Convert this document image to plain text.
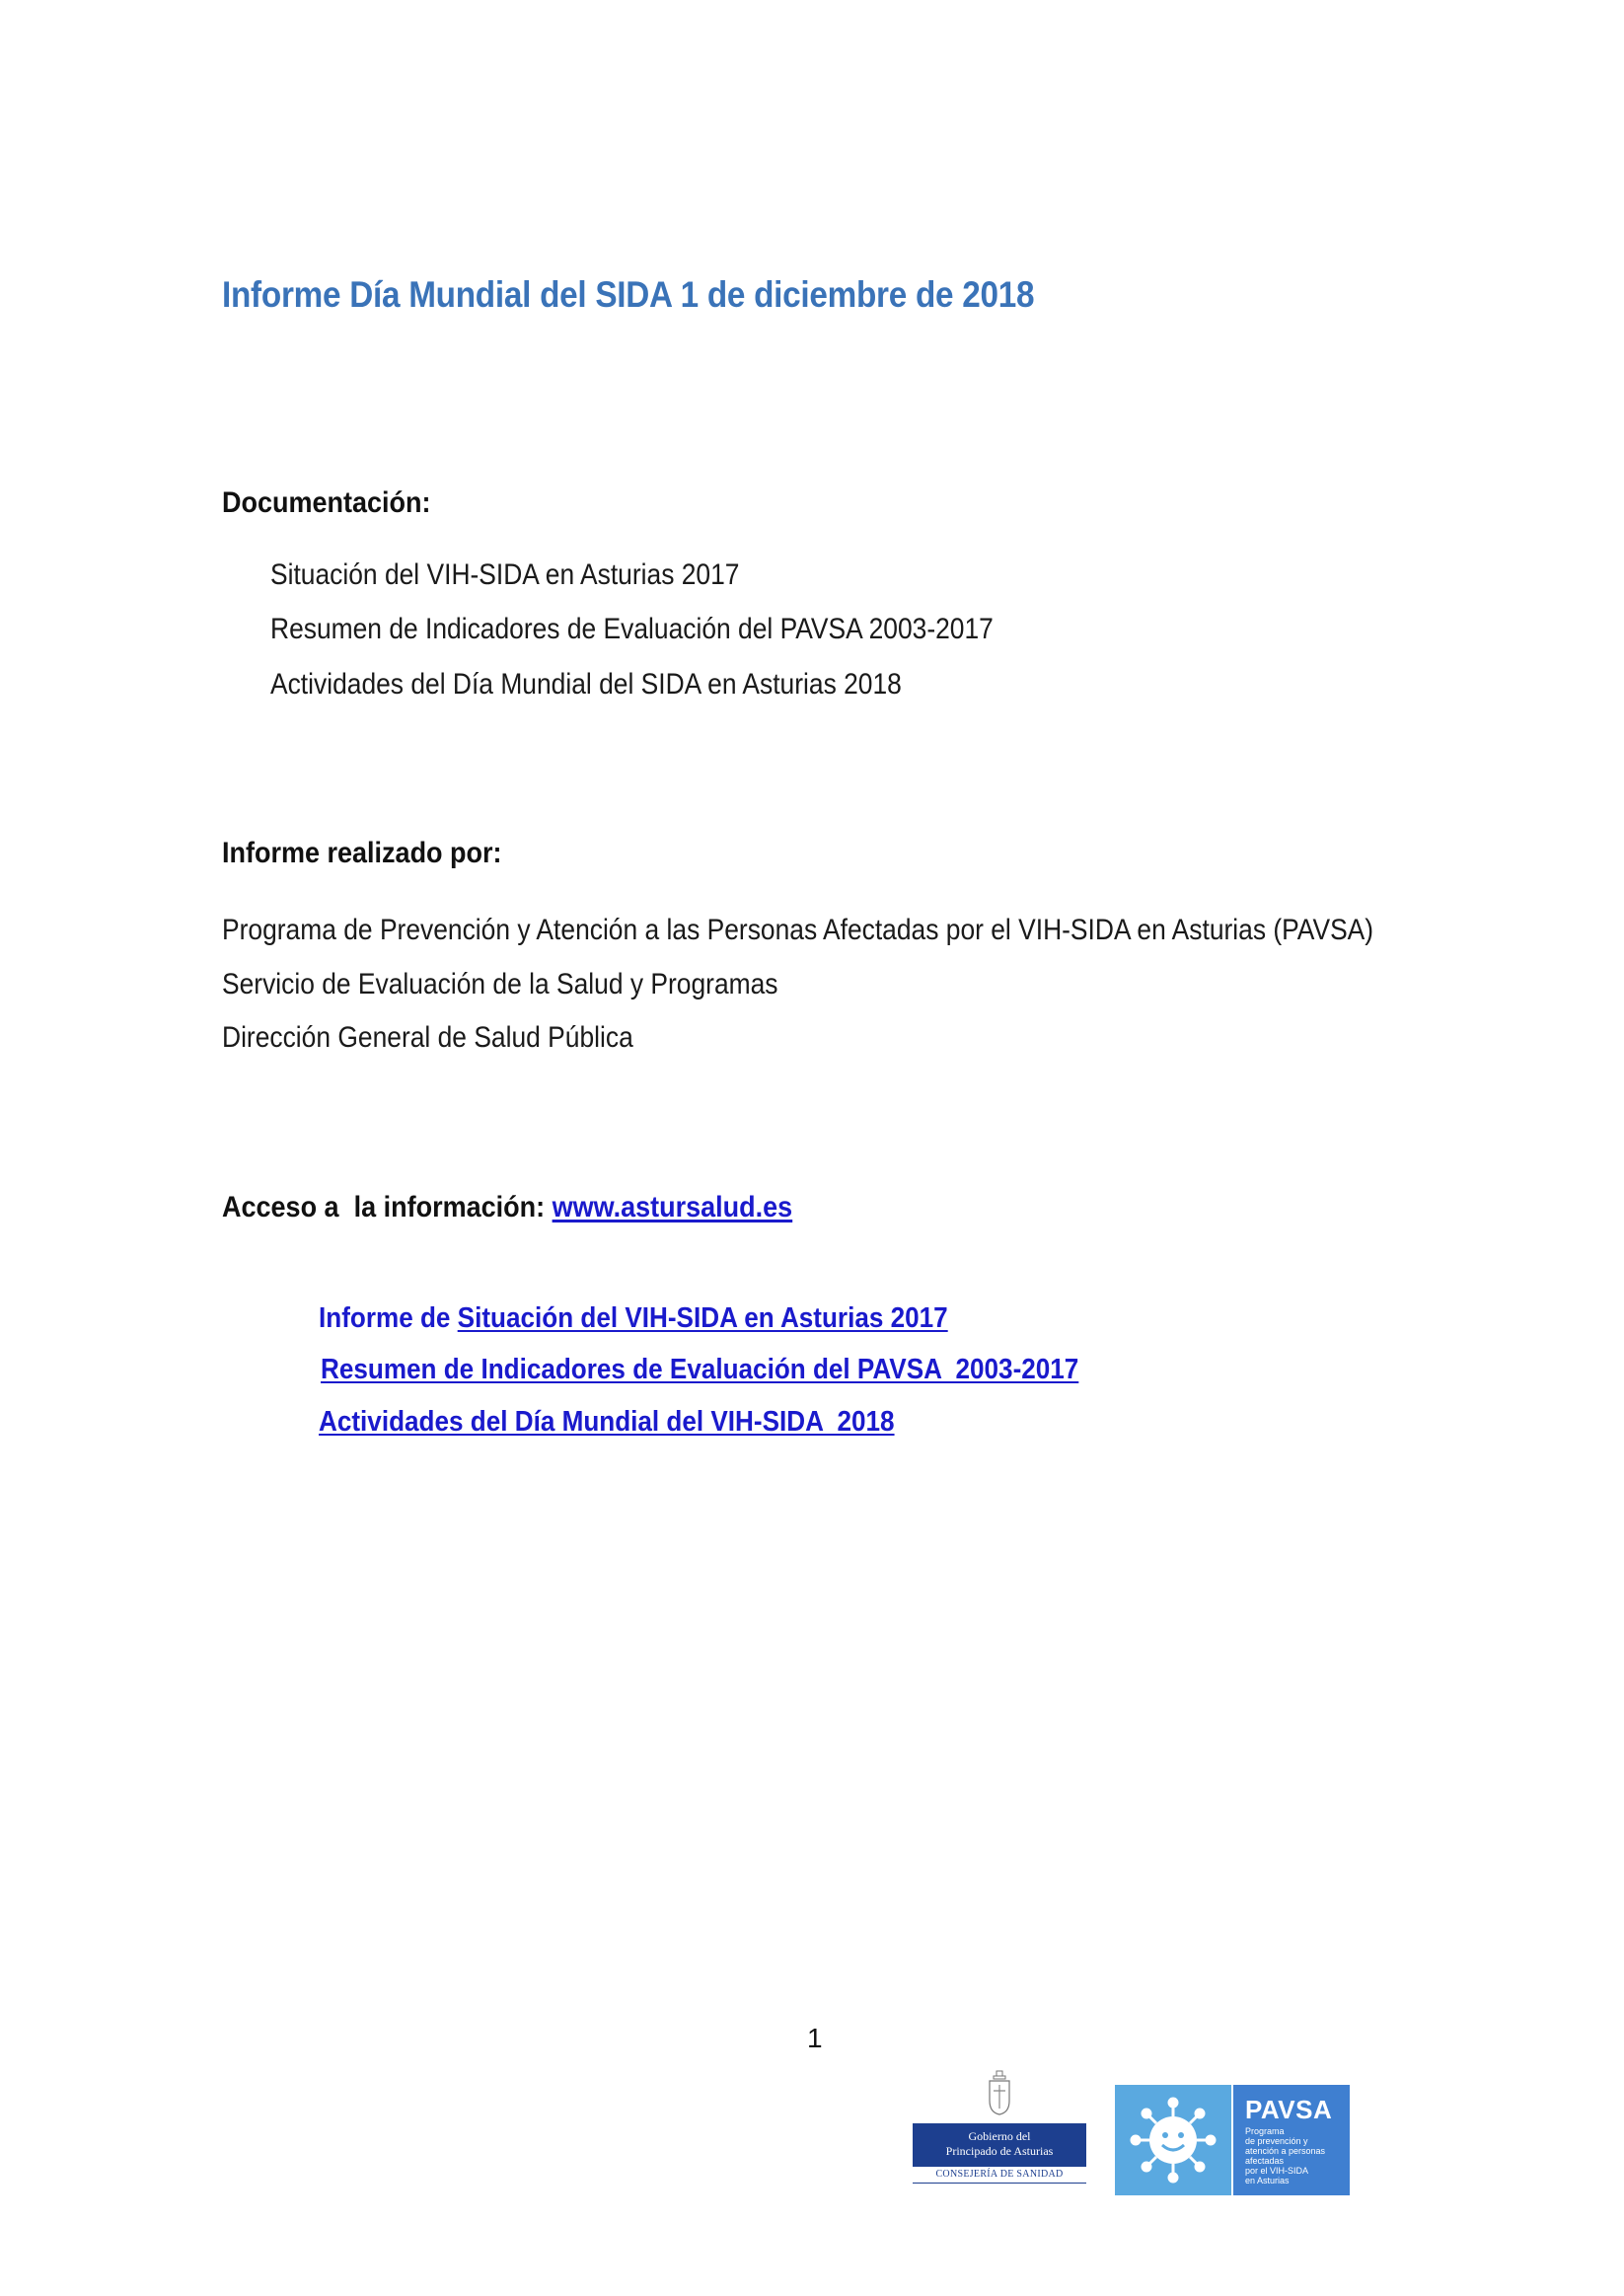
Informe Día Mundial del SIDA 1 de diciembre de 2018
Documentación:
Situación del VIH-SIDA en Asturias 2017
Resumen de Indicadores de Evaluación del PAVSA 2003-2017
Actividades del Día Mundial del SIDA en Asturias 2018
Informe realizado por:
Programa de Prevención y Atención a las Personas Afectadas por el VIH-SIDA en Asturias (PAVSA)
Servicio de Evaluación de la Salud y Programas
Dirección General de Salud Pública
Acceso a  la información: www.astursalud.es
Informe de Situación del VIH-SIDA en Asturias 2017
Resumen de Indicadores de Evaluación del PAVSA  2003-2017
Actividades del Día Mundial del VIH-SIDA  2018
1
Gobierno del
Principado de Asturias
CONSEJERÍA DE SANIDAD
PAVSA
Programa
de prevención y
atención a personas
afectadas
por el VIH-SIDA
en Asturias
